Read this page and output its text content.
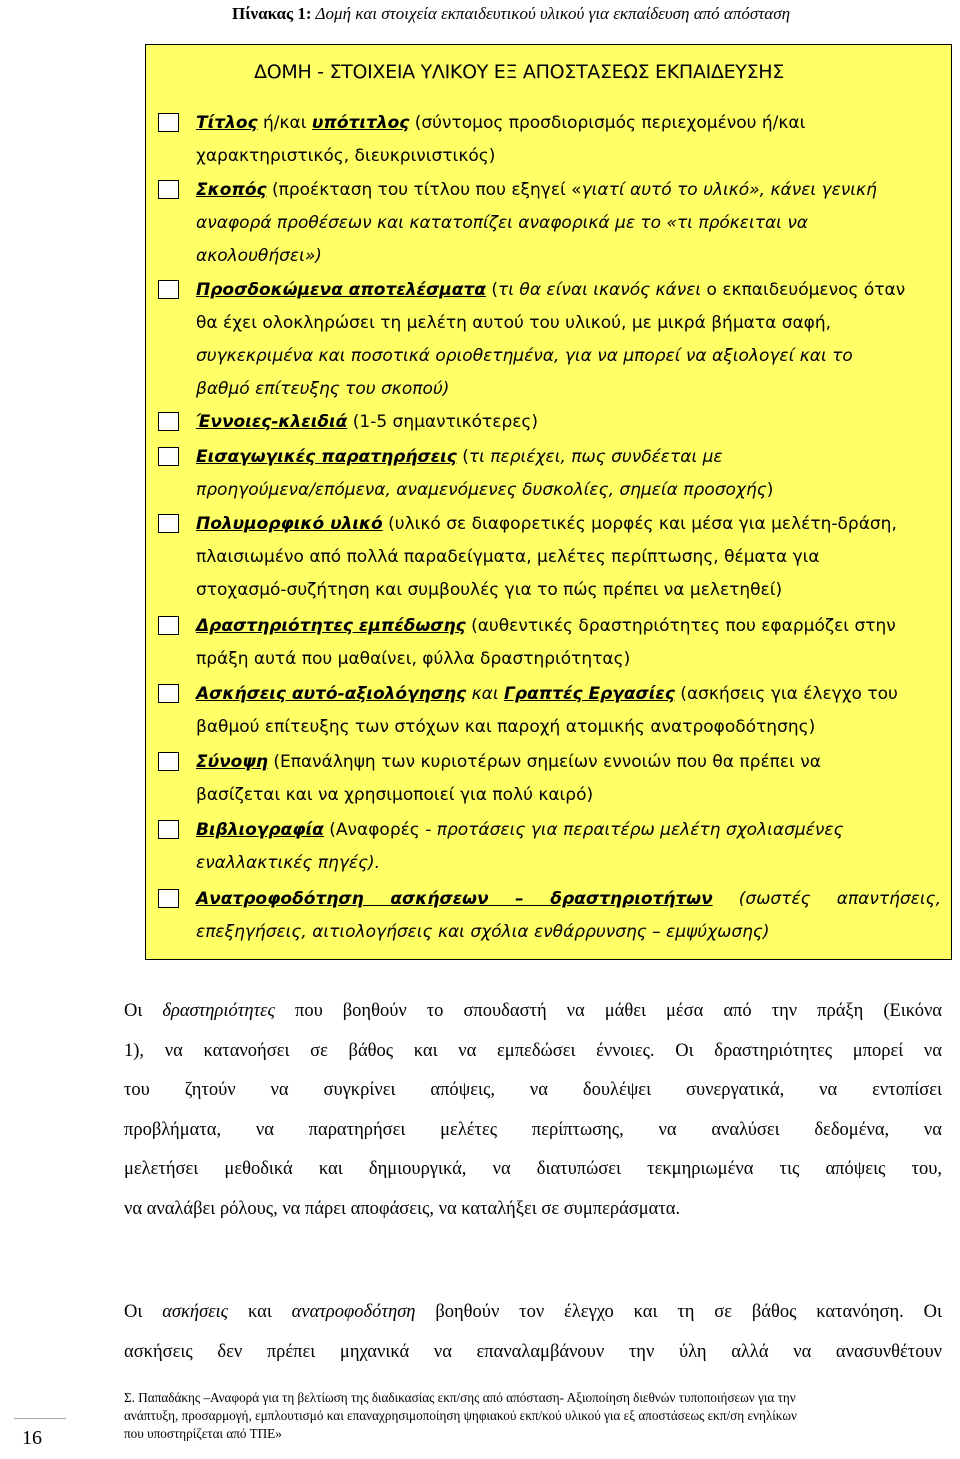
Πίνακας 1: Δομή και στοιχεία εκπαιδευτικού υλικού για εκπαίδευση από απόσταση
ΔΟΜΗ - ΣΤΟΙΧΕΙΑ ΥΛΙΚΟΥ ΕΞ ΑΠΟΣΤΑΣΕΩΣ ΕΚΠΑΙΔΕΥΣΗΣ
Τίτλος ή/και υπότιτλος (σύντομος προσδιορισμός περιεχομένου ή/και
χαρακτηριστικός, διευκρινιστικός)
Σκοπός (προέκταση του τίτλου που εξηγεί «γιατί αυτό το υλικό», κάνει γενική
αναφορά προθέσεων και κατατοπίζει αναφορικά με το «τι πρόκειται να
ακολουθήσει»)
Προσδοκώμενα αποτελέσματα (τι θα είναι ικανός κάνει ο εκπαιδευόμενος όταν
θα έχει ολοκληρώσει τη μελέτη αυτού του υλικού, με μικρά βήματα σαφή,
συγκεκριμένα και ποσοτικά οριοθετημένα, για να μπορεί να αξιολογεί και το
βαθμό επίτευξης του σκοπού)
Έννοιες-κλειδιά (1-5 σημαντικότερες)
Εισαγωγικές παρατηρήσεις (τι περιέχει, πως συνδέεται με
προηγούμενα/επόμενα, αναμενόμενες δυσκολίες, σημεία προσοχής)
Πολυμορφικό υλικό (υλικό σε διαφορετικές μορφές και μέσα για μελέτη-δράση,
πλαισιωμένο από πολλά παραδείγματα, μελέτες περίπτωσης, θέματα για
στοχασμό-συζήτηση και συμβουλές για το πώς πρέπει να μελετηθεί)
Δραστηριότητες εμπέδωσης (αυθεντικές δραστηριότητες που εφαρμόζει στην
πράξη αυτά που μαθαίνει, φύλλα δραστηριότητας)
Ασκήσεις αυτό-αξιολόγησης και Γραπτές Εργασίες (ασκήσεις για έλεγχο του
βαθμού επίτευξης των στόχων και παροχή ατομικής ανατροφοδότησης)
Σύνοψη (Επανάληψη των κυριοτέρων σημείων εννοιών που θα πρέπει να
βασίζεται και να χρησιμοποιεί για πολύ καιρό)
Βιβλιογραφία (Αναφορές - προτάσεις για περαιτέρω μελέτη σχολιασμένες
εναλλακτικές πηγές).
Ανατροφοδότηση ασκήσεων – δραστηριοτήτων (σωστές απαντήσεις,
επεξηγήσεις, αιτιολογήσεις και σχόλια ενθάρρυνσης – εμψύχωσης)
Οι δραστηριότητες που βοηθούν το σπουδαστή να μάθει μέσα από την πράξη (Εικόνα
1), να κατανοήσει σε βάθος και να εμπεδώσει έννοιες. Οι δραστηριότητες μπορεί να
του ζητούν να συγκρίνει απόψεις, να δουλέψει συνεργατικά, να εντοπίσει
προβλήματα, να παρατηρήσει μελέτες περίπτωσης, να αναλύσει δεδομένα, να
μελετήσει μεθοδικά και δημιουργικά, να διατυπώσει τεκμηριωμένα τις απόψεις του,
να αναλάβει ρόλους, να πάρει αποφάσεις, να καταλήξει σε συμπεράσματα.
Οι ασκήσεις και ανατροφοδότηση βοηθούν τον έλεγχο και τη σε βάθος κατανόηση. Οι
ασκήσεις δεν πρέπει μηχανικά να επαναλαμβάνουν την ύλη αλλά να ανασυνθέτουν
16
Σ. Παπαδάκης –Αναφορά για τη βελτίωση της διαδικασίας εκπ/σης από απόσταση- Αξιοποίηση διεθνών τυποποιήσεων για την
ανάπτυξη, προσαρμογή, εμπλουτισμό και επαναχρησιμοποίηση ψηφιακού εκπ/κού υλικού για εξ αποστάσεως εκπ/ση ενηλίκων
που υποστηρίζεται από ΤΠΕ»
